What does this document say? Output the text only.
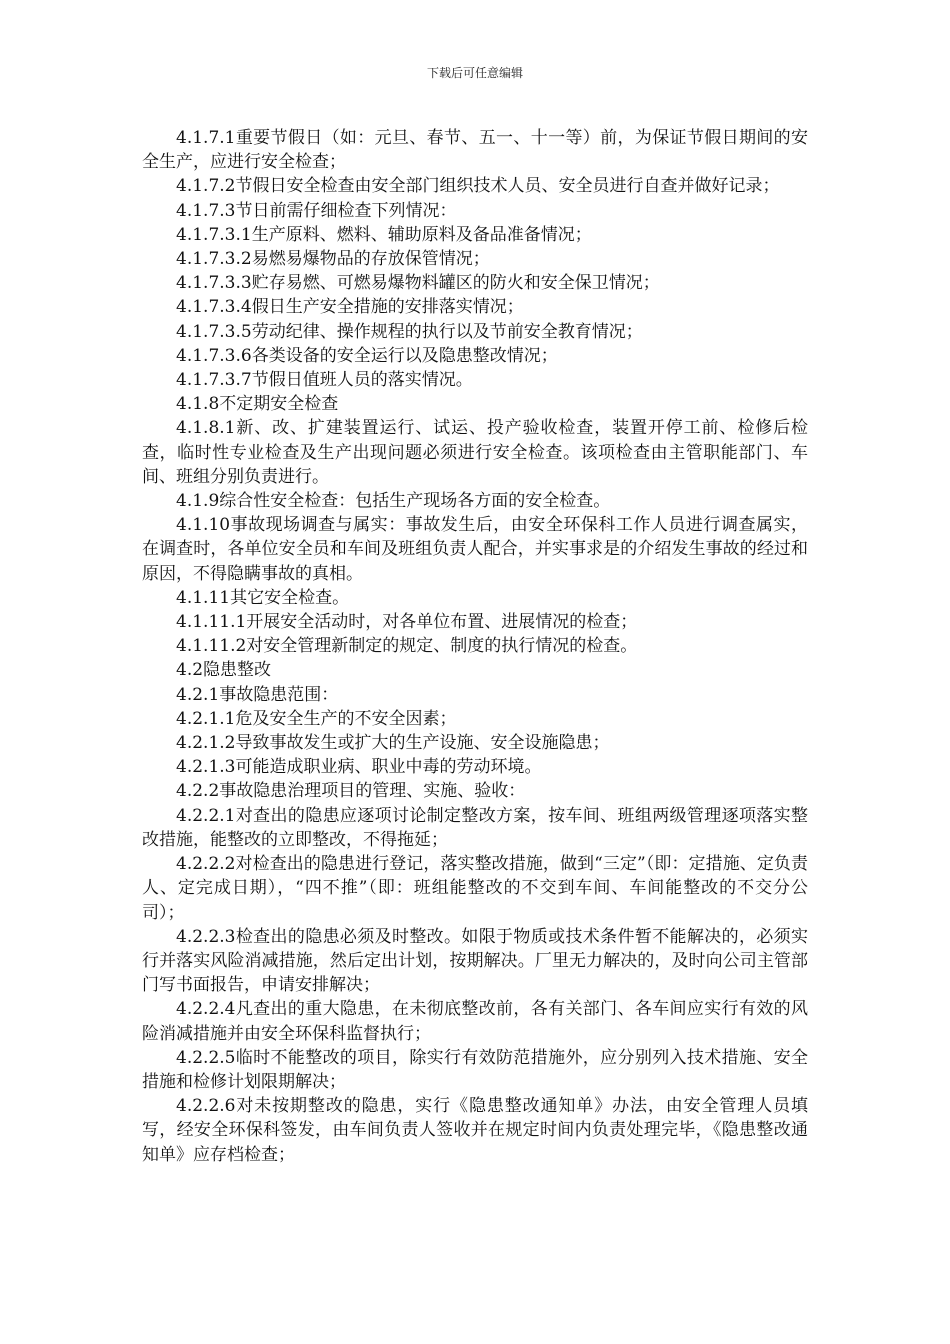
下载后可任意编辑

4.1.7.1重要节假日（如：元旦、春节、五一、十一等）前，为保证节假日期间的安全生产，应进行安全检查；

4.1.7.2节假日安全检查由安全部门组织技术人员、安全员进行自查并做好记录；

4.1.7.3节日前需仔细检查下列情况：

4.1.7.3.1生产原料、燃料、辅助原料及备品准备情况；

4.1.7.3.2易燃易爆物品的存放保管情况；

4.1.7.3.3贮存易燃、可燃易爆物料罐区的防火和安全保卫情况；

4.1.7.3.4假日生产安全措施的安排落实情况；

4.1.7.3.5劳动纪律、操作规程的执行以及节前安全教育情况；

4.1.7.3.6各类设备的安全运行以及隐患整改情况；

4.1.7.3.7节假日值班人员的落实情况。

4.1.8不定期安全检查

4.1.8.1新、改、扩建装置运行、试运、投产验收检查，装置开停工前、检修后检查，临时性专业检查及生产出现问题必须进行安全检查。该项检查由主管职能部门、车间、班组分别负责进行。

4.1.9综合性安全检查：包括生产现场各方面的安全检查。

4.1.10事故现场调查与属实：事故发生后，由安全环保科工作人员进行调查属实，在调查时，各单位安全员和车间及班组负责人配合，并实事求是的介绍发生事故的经过和原因，不得隐瞒事故的真相。

4.1.11其它安全检查。

4.1.11.1开展安全活动时，对各单位布置、进展情况的检查；

4.1.11.2对安全管理新制定的规定、制度的执行情况的检查。

4.2隐患整改

4.2.1事故隐患范围：

4.2.1.1危及安全生产的不安全因素；

4.2.1.2导致事故发生或扩大的生产设施、安全设施隐患；

4.2.1.3可能造成职业病、职业中毒的劳动环境。

4.2.2事故隐患治理项目的管理、实施、验收：

4.2.2.1对查出的隐患应逐项讨论制定整改方案，按车间、班组两级管理逐项落实整改措施，能整改的立即整改，不得拖延；

4.2.2.2对检查出的隐患进行登记，落实整改措施，做到“三定”（即：定措施、定负责人、定完成日期），“四不推”（即：班组能整改的不交到车间、车间能整改的不交分公司）；

4.2.2.3检查出的隐患必须及时整改。如限于物质或技术条件暂不能解决的，必须实行并落实风险消减措施，然后定出计划，按期解决。厂里无力解决的，及时向公司主管部门写书面报告，申请安排解决；

4.2.2.4凡查出的重大隐患，在未彻底整改前，各有关部门、各车间应实行有效的风险消减措施并由安全环保科监督执行；

4.2.2.5临时不能整改的项目，除实行有效防范措施外，应分别列入技术措施、安全措施和检修计划限期解决；

4.2.2.6对未按期整改的隐患，实行《隐患整改通知单》办法，由安全管理人员填写，经安全环保科签发，由车间负责人签收并在规定时间内负责处理完毕，《隐患整改通知单》应存档检查；
